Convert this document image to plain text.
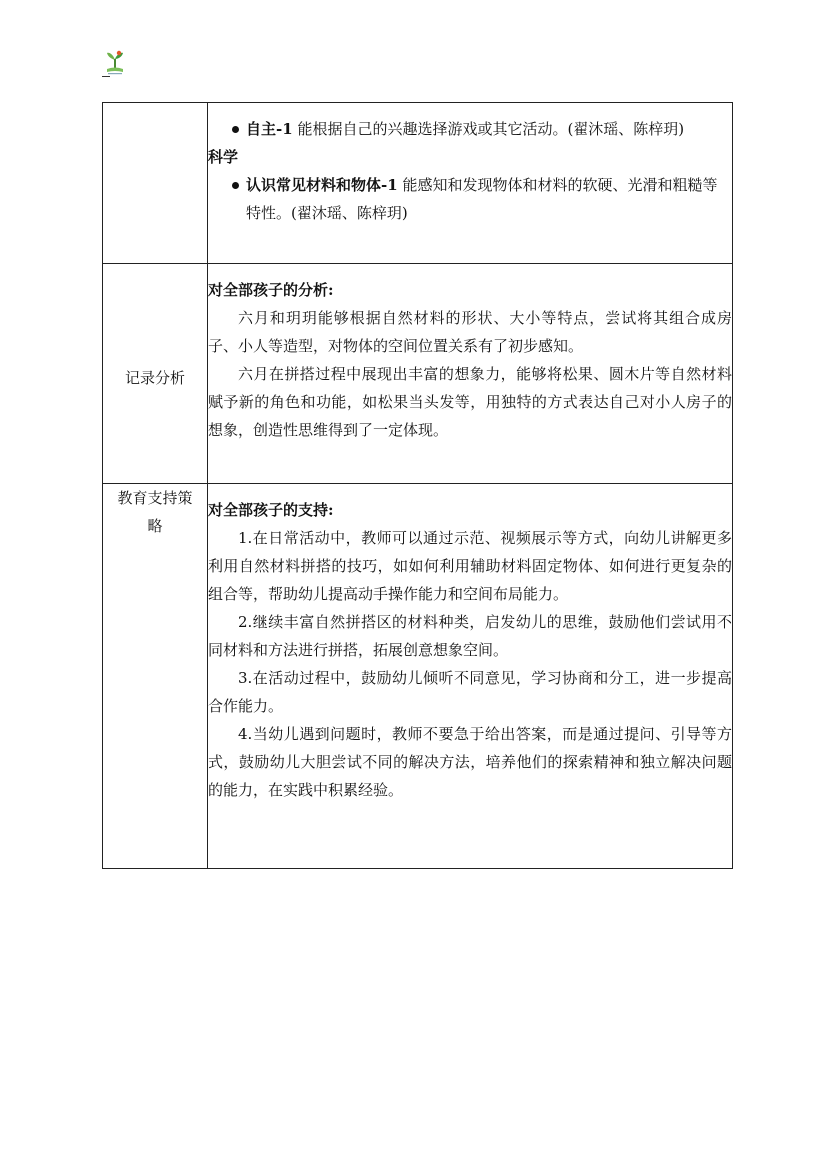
自主-1 能根据自己的兴趣选择游戏或其它活动。(翟沐瑶、陈梓玥)
科学
认识常见材料和物体-1 能感知和发现物体和材料的软硬、光滑和粗糙等特性。(翟沐瑶、陈梓玥)

记录分析	对全部孩子的分析:
六月和玥玥能够根据自然材料的形状、大小等特点，尝试将其组合成房子、小人等造型，对物体的空间位置关系有了初步感知。
六月在拼搭过程中展现出丰富的想象力，能够将松果、圆木片等自然材料赋予新的角色和功能，如松果当头发等，用独特的方式表达自己对小人房子的想象，创造性思维得到了一定体现。

教育支持策略	对全部孩子的支持:
1.在日常活动中，教师可以通过示范、视频展示等方式，向幼儿讲解更多利用自然材料拼搭的技巧，如如何利用辅助材料固定物体、如何进行更复杂的组合等，帮助幼儿提高动手操作能力和空间布局能力。
2.继续丰富自然拼搭区的材料种类，启发幼儿的思维，鼓励他们尝试用不同材料和方法进行拼搭，拓展创意想象空间。
3.在活动过程中，鼓励幼儿倾听不同意见，学习协商和分工，进一步提高合作能力。
4.当幼儿遇到问题时，教师不要急于给出答案，而是通过提问、引导等方式，鼓励幼儿大胆尝试不同的解决方法，培养他们的探索精神和独立解决问题的能力，在实践中积累经验。
